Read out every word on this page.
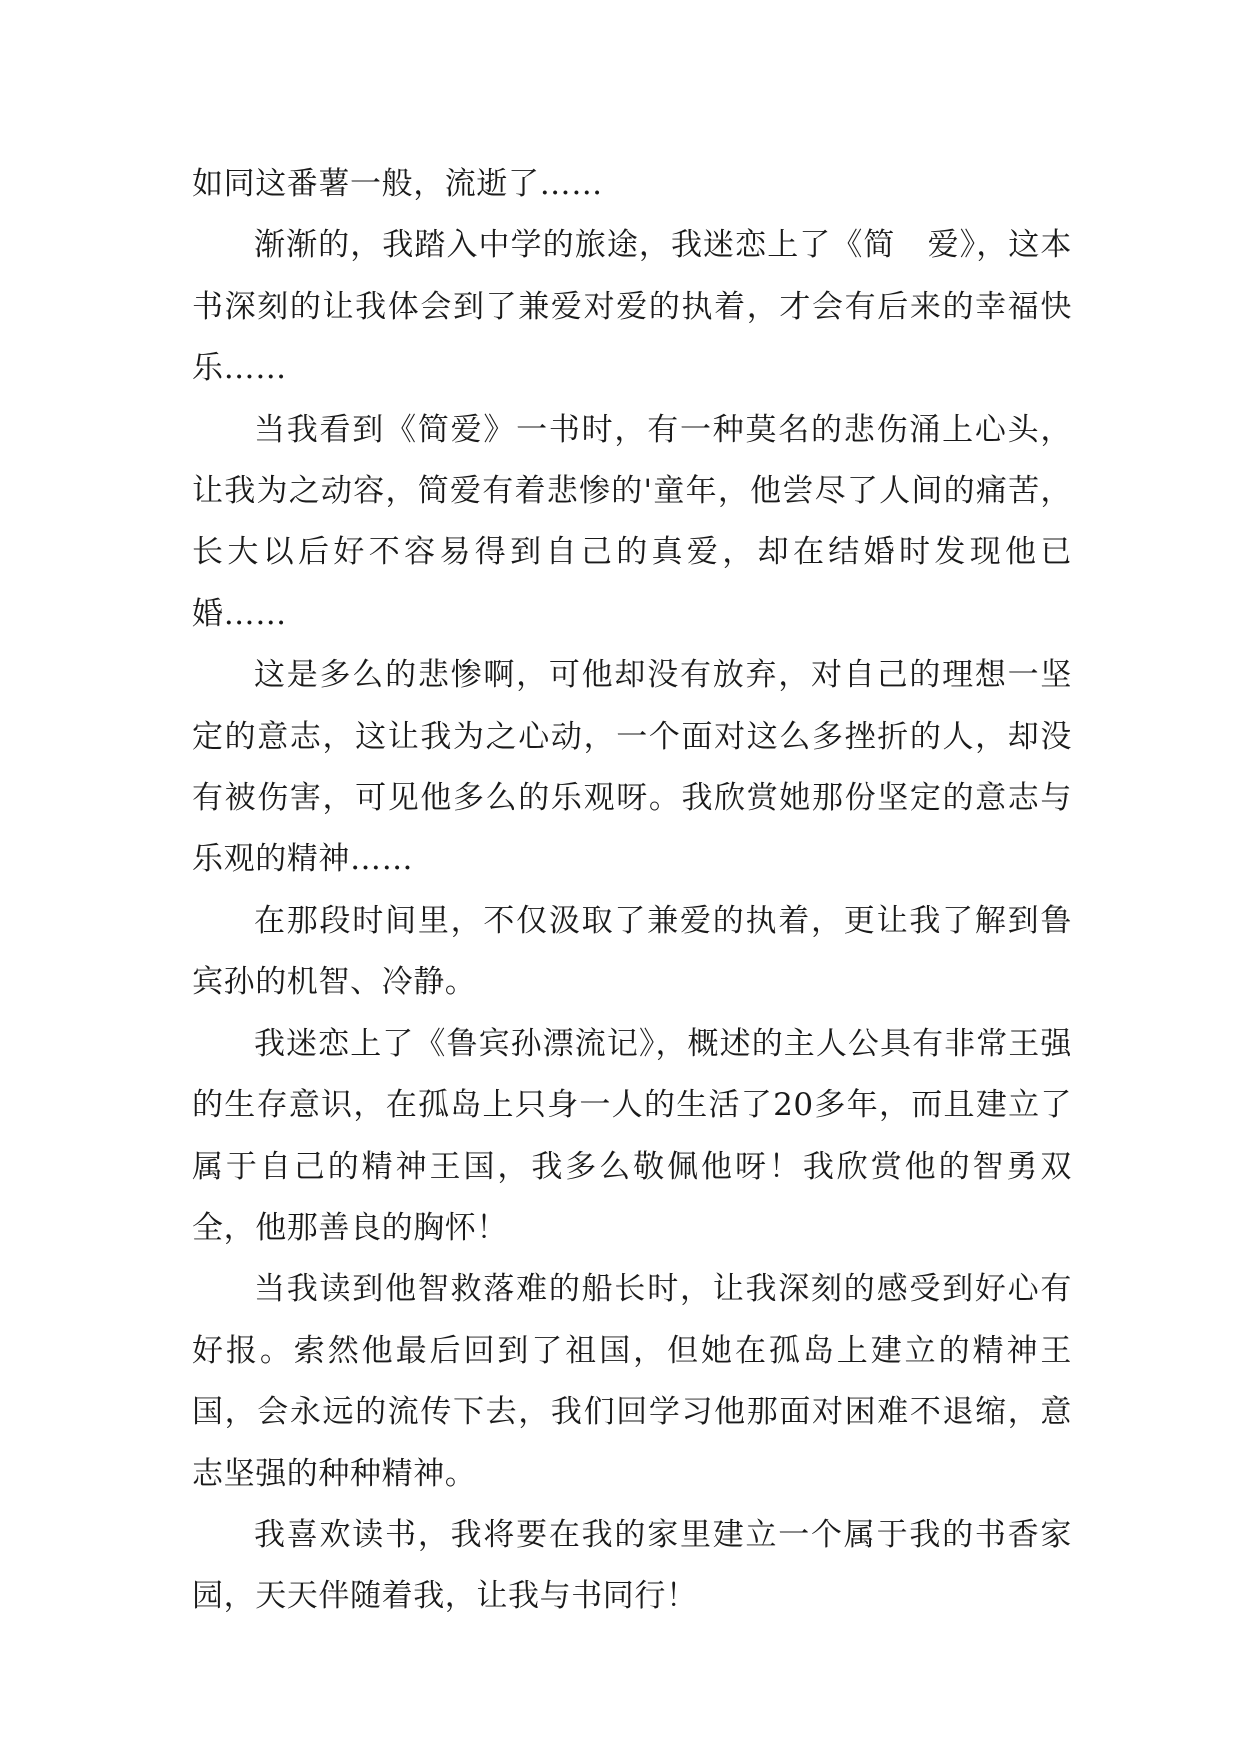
如同这番薯一般，流逝了……

渐渐的，我踏入中学的旅途，我迷恋上了《简　爱》，这本书深刻的让我体会到了兼爱对爱的执着，才会有后来的幸福快乐……

当我看到《简爱》一书时，有一种莫名的悲伤涌上心头，让我为之动容，简爱有着悲惨的'童年，他尝尽了人间的痛苦，长大以后好不容易得到自己的真爱，却在结婚时发现他已婚……

这是多么的悲惨啊，可他却没有放弃，对自己的理想一坚定的意志，这让我为之心动，一个面对这么多挫折的人，却没有被伤害，可见他多么的乐观呀。我欣赏她那份坚定的意志与乐观的精神……

在那段时间里，不仅汲取了兼爱的执着，更让我了解到鲁宾孙的机智、冷静。

我迷恋上了《鲁宾孙漂流记》，概述的主人公具有非常王强的生存意识，在孤岛上只身一人的生活了20多年，而且建立了属于自己的精神王国，我多么敬佩他呀！我欣赏他的智勇双全，他那善良的胸怀！

当我读到他智救落难的船长时，让我深刻的感受到好心有好报。索然他最后回到了祖国，但她在孤岛上建立的精神王国，会永远的流传下去，我们回学习他那面对困难不退缩，意志坚强的种种精神。

我喜欢读书，我将要在我的家里建立一个属于我的书香家园，天天伴随着我，让我与书同行！
